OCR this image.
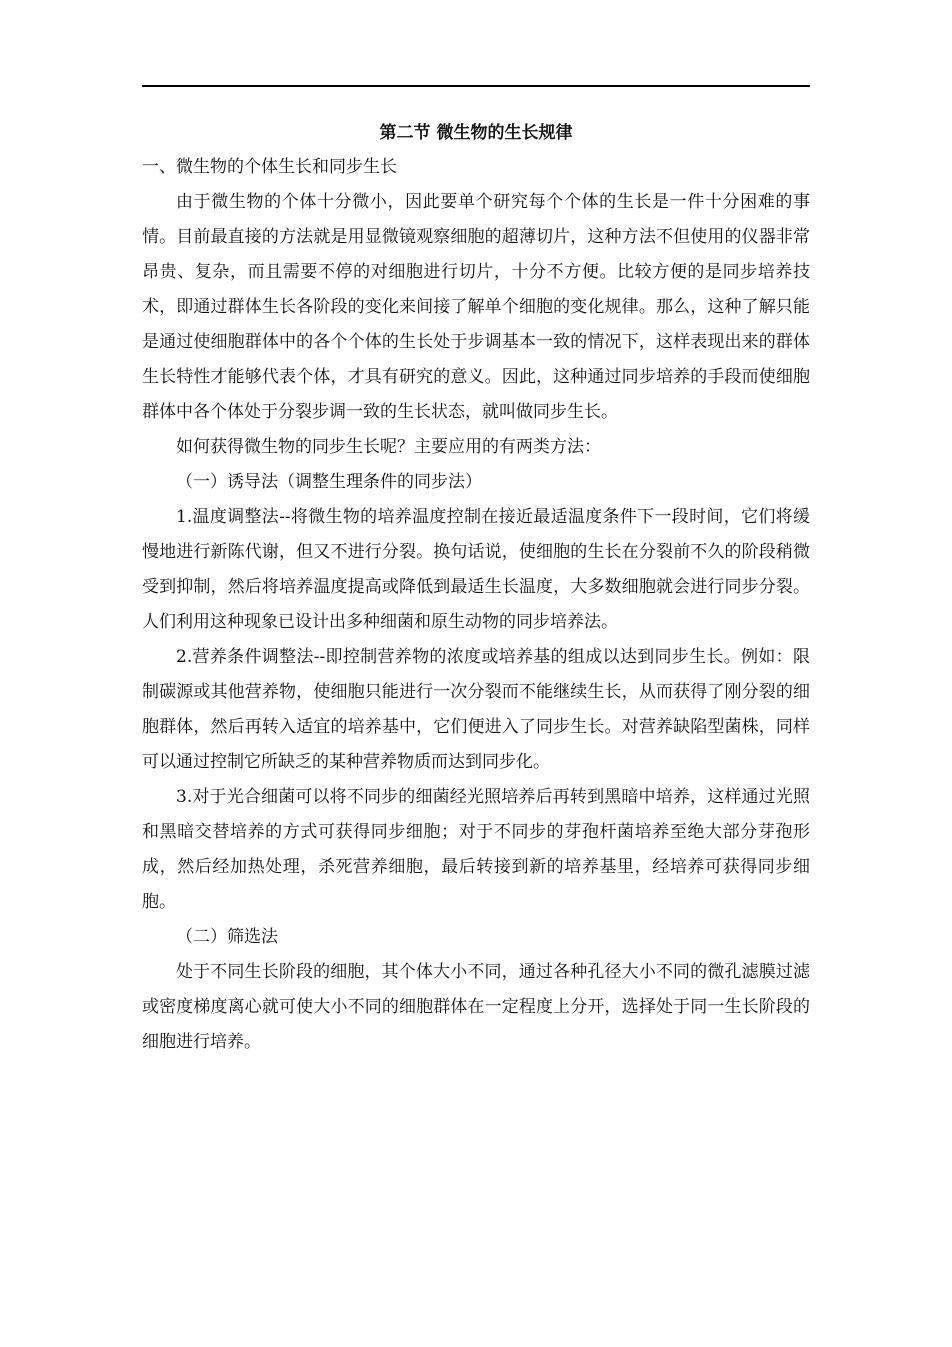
第二节 微生物的生长规律

一、微生物的个体生长和同步生长

由于微生物的个体十分微小，因此要单个研究每个个体的生长是一件十分困难的事情。目前最直接的方法就是用显微镜观察细胞的超薄切片，这种方法不但使用的仪器非常昂贵、复杂，而且需要不停的对细胞进行切片，十分不方便。比较方便的是同步培养技术，即通过群体生长各阶段的变化来间接了解单个细胞的变化规律。那么，这种了解只能是通过使细胞群体中的各个个体的生长处于步调基本一致的情况下，这样表现出来的群体生长特性才能够代表个体，才具有研究的意义。因此，这种通过同步培养的手段而使细胞群体中各个体处于分裂步调一致的生长状态，就叫做同步生长。

如何获得微生物的同步生长呢？主要应用的有两类方法：

（一）诱导法（调整生理条件的同步法）

1.温度调整法--将微生物的培养温度控制在接近最适温度条件下一段时间，它们将缓慢地进行新陈代谢，但又不进行分裂。换句话说，使细胞的生长在分裂前不久的阶段稍微受到抑制，然后将培养温度提高或降低到最适生长温度，大多数细胞就会进行同步分裂。人们利用这种现象已设计出多种细菌和原生动物的同步培养法。

2.营养条件调整法--即控制营养物的浓度或培养基的组成以达到同步生长。例如：限制碳源或其他营养物，使细胞只能进行一次分裂而不能继续生长，从而获得了刚分裂的细胞群体，然后再转入适宜的培养基中，它们便进入了同步生长。对营养缺陷型菌株，同样可以通过控制它所缺乏的某种营养物质而达到同步化。

3.对于光合细菌可以将不同步的细菌经光照培养后再转到黑暗中培养，这样通过光照和黑暗交替培养的方式可获得同步细胞；对于不同步的芽孢杆菌培养至绝大部分芽孢形成，然后经加热处理，杀死营养细胞，最后转接到新的培养基里，经培养可获得同步细胞。

（二）筛选法

处于不同生长阶段的细胞，其个体大小不同，通过各种孔径大小不同的微孔滤膜过滤或密度梯度离心就可使大小不同的细胞群体在一定程度上分开，选择处于同一生长阶段的细胞进行培养。
